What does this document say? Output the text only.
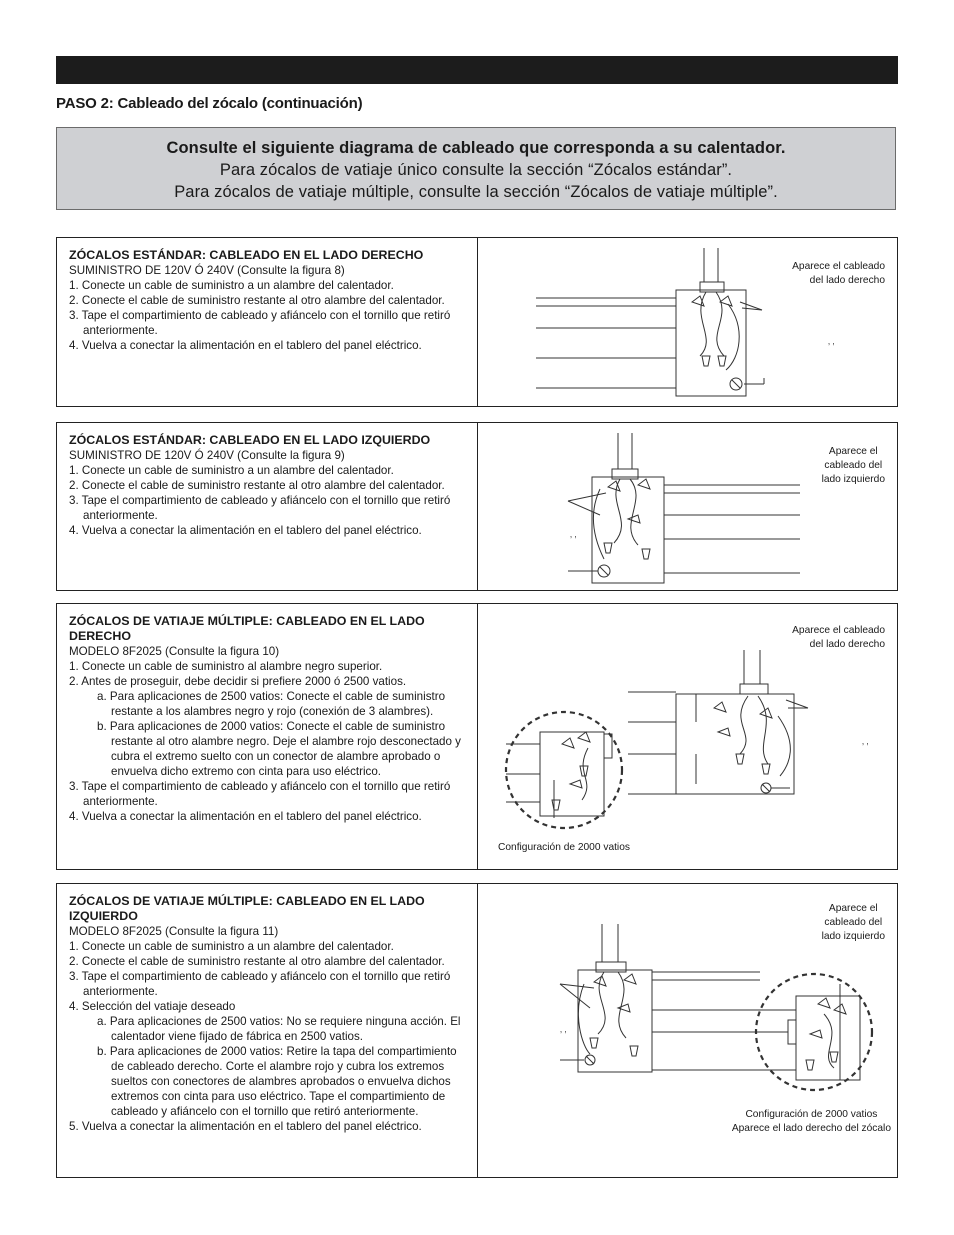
PASO 2: Cableado del zócalo (continuación)
Consulte el siguiente diagrama de cableado que corresponda a su calentador.
Para zócalos de vatiaje único consulte la sección “Zócalos estándar”.
Para zócalos de vatiaje múltiple, consulte la sección “Zócalos de vatiaje múltiple”.
ZÓCALOS ESTÁNDAR: CABLEADO EN EL LADO DERECHO
SUMINISTRO DE 120V Ó 240V (Consulte la figura 8)
1. Conecte un cable de suministro a un alambre del calentador.
2. Conecte el cable de suministro restante al otro alambre del calentador.
3. Tape el compartimiento de cableado y afiáncelo con el tornillo que retiró anteriormente.
4. Vuelva a conectar la alimentación en el tablero del panel eléctrico.	‚ ‚
Aparece el cableado
del lado derecho
ZÓCALOS ESTÁNDAR: CABLEADO EN EL LADO IZQUIERDO
SUMINISTRO DE 120V Ó 240V (Consulte la figura 9)
1. Conecte un cable de suministro a un alambre del calentador.
2. Conecte el cable de suministro restante al otro alambre del calentador.
3. Tape el compartimiento de cableado y afiáncelo con el tornillo que retiró anteriormente.
4. Vuelva a conectar la alimentación en el tablero del panel eléctrico.	‚ ‚
Aparece el
cableado del
lado izquierdo
ZÓCALOS DE VATIAJE MÚLTIPLE: CABLEADO EN EL LADO DERECHO
MODELO 8F2025 (Consulte la figura 10)
1. Conecte un cable de suministro al alambre negro superior.
2. Antes de proseguir, debe decidir si prefiere 2000 ó 2500 vatios.
a. Para aplicaciones de 2500 vatios: Conecte el cable de suministro restante a los alambres negro y rojo (conexión de 3 alambres).
b. Para aplicaciones de 2000 vatios: Conecte el cable de suministro restante al otro alambre negro. Deje el alambre rojo desconectado y cubra el extremo suelto con un conector de alambre aprobado o envuelva dicho extremo con cinta para uso eléctrico.
3. Tape el compartimiento de cableado y afiáncelo con el tornillo que retiró anteriormente.
4. Vuelva a conectar la alimentación en el tablero del panel eléctrico.
‚ ‚
Aparece el cableado
del lado derecho
Configuración de 2000 vatios
ZÓCALOS DE VATIAJE MÚLTIPLE: CABLEADO EN EL LADO IZQUIERDO
MODELO 8F2025 (Consulte la figura 11)
1. Conecte un cable de suministro a un alambre del calentador.
2. Conecte el cable de suministro restante al otro alambre del calentador.
3. Tape el compartimiento de cableado y afiáncelo con el tornillo que retiró anteriormente.
4. Selección del vatiaje deseado
a. Para aplicaciones de 2500 vatios: No se requiere ninguna acción. El calentador viene fijado de fábrica en 2500 vatios.
b. Para aplicaciones de 2000 vatios: Retire la tapa del compartimiento de cableado derecho. Corte el alambre rojo y cubra los extremos sueltos con conectores de alambres aprobados o envuelva dichos extremos con cinta para uso eléctrico. Tape el compartimiento de cableado y afiáncelo con el tornillo que retiró anteriormente.
5. Vuelva a conectar la alimentación en el tablero del panel eléctrico.
‚ ‚
Aparece el
cableado del
lado izquierdo
Configuración de 2000 vatios
Aparece el lado derecho del zócalo
